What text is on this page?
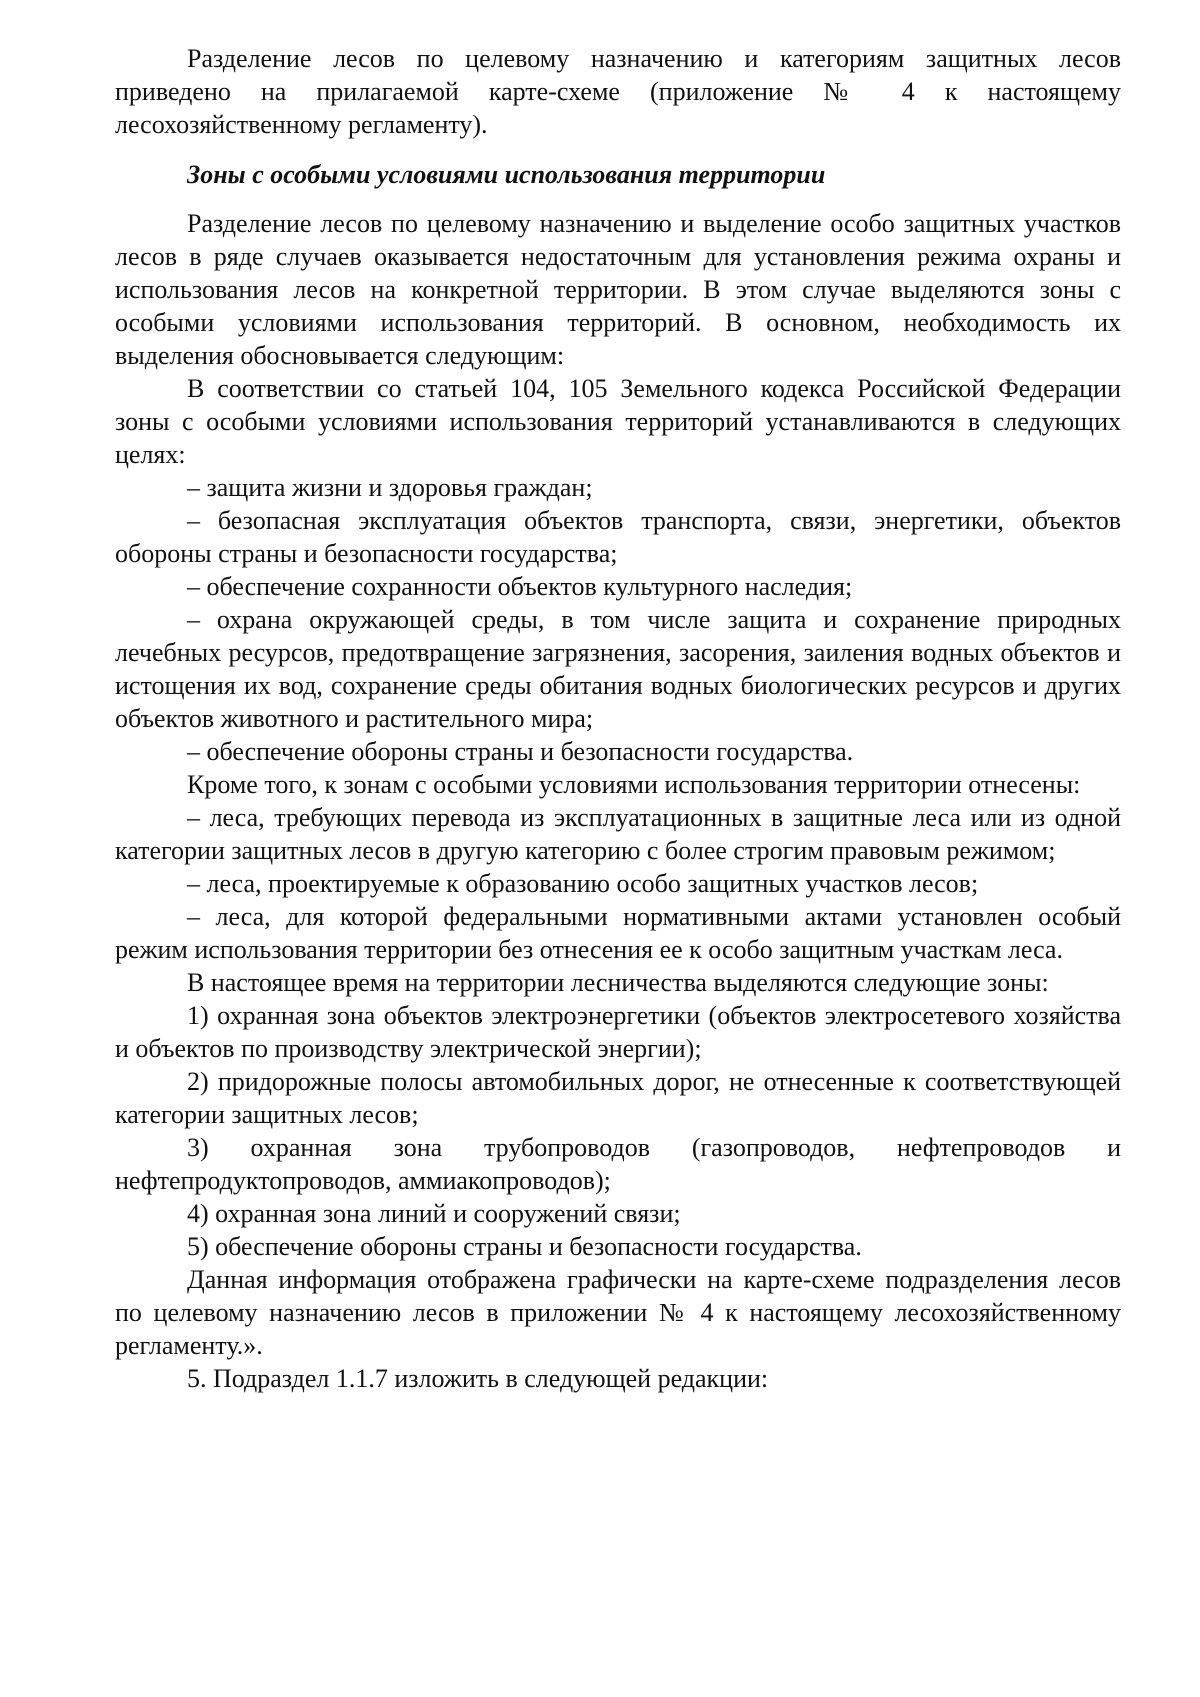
Разделение лесов по целевому назначению и категориям защитных лесов приведено на прилагаемой карте-схеме (приложение № 4 к настоящему лесохозяйственному регламенту).

Зоны с особыми условиями использования территории

Разделение лесов по целевому назначению и выделение особо защитных участков лесов в ряде случаев оказывается недостаточным для установления режима охраны и использования лесов на конкретной территории. В этом случае выделяются зоны с особыми условиями использования территорий. В основном, необходимость их выделения обосновывается следующим:

В соответствии со статьей 104, 105 Земельного кодекса Российской Федерации зоны с особыми условиями использования территорий устанавливаются в следующих целях:

– защита жизни и здоровья граждан;

– безопасная эксплуатация объектов транспорта, связи, энергетики, объектов обороны страны и безопасности государства;

– обеспечение сохранности объектов культурного наследия;

– охрана окружающей среды, в том числе защита и сохранение природных лечебных ресурсов, предотвращение загрязнения, засорения, заиления водных объектов и истощения их вод, сохранение среды обитания водных биологических ресурсов и других объектов животного и растительного мира;

– обеспечение обороны страны и безопасности государства.

Кроме того, к зонам с особыми условиями использования территории отнесены:

– леса, требующих перевода из эксплуатационных в защитные леса или из одной категории защитных лесов в другую категорию с более строгим правовым режимом;

– леса, проектируемые к образованию особо защитных участков лесов;

– леса, для которой федеральными нормативными актами установлен особый режим использования территории без отнесения ее к особо защитным участкам леса.

В настоящее время на территории лесничества выделяются следующие зоны:

1) охранная зона объектов электроэнергетики (объектов электросетевого хозяйства и объектов по производству электрической энергии);

2) придорожные полосы автомобильных дорог, не отнесенные к соответствующей категории защитных лесов;

3) охранная зона трубопроводов (газопроводов, нефтепроводов и нефтепродуктопроводов, аммиакопроводов);

4) охранная зона линий и сооружений связи;

5) обеспечение обороны страны и безопасности государства.

Данная информация отображена графически на карте-схеме подразделения лесов по целевому назначению лесов в приложении № 4 к настоящему лесохозяйственному регламенту.».

5. Подраздел 1.1.7 изложить в следующей редакции:
